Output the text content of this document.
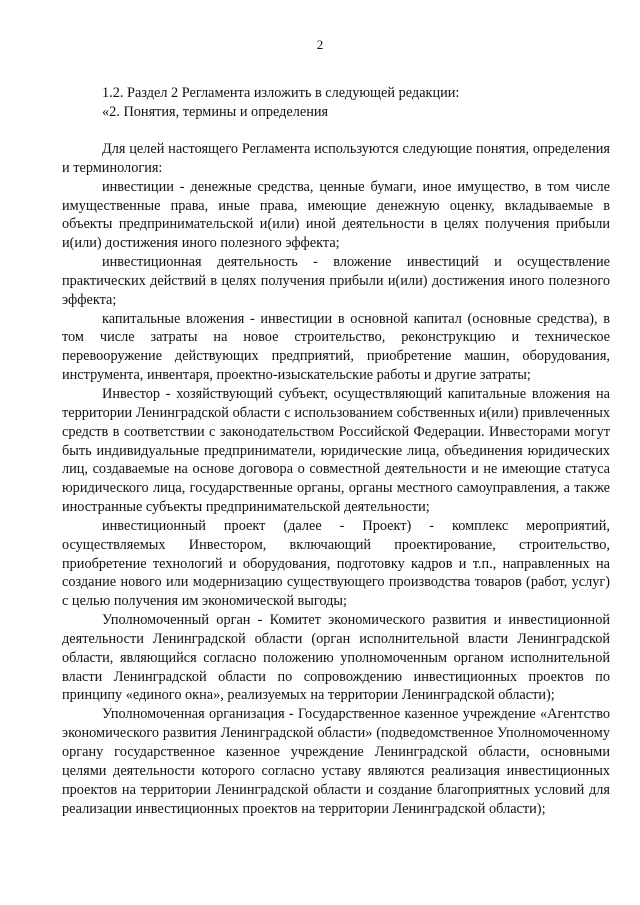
2

1.2. Раздел 2 Регламента изложить в следующей редакции:

«2. Понятия, термины и определения

Для целей настоящего Регламента используются следующие понятия, определения и терминология:

инвестиции - денежные средства, ценные бумаги, иное имущество, в том числе имущественные права, иные права, имеющие денежную оценку, вкладываемые в объекты предпринимательской и(или) иной деятельности в целях получения прибыли и(или) достижения иного полезного эффекта;

инвестиционная деятельность - вложение инвестиций и осуществление практических действий в целях получения прибыли и(или) достижения иного полезного эффекта;

капитальные вложения - инвестиции в основной капитал (основные средства), в том числе затраты на новое строительство, реконструкцию и техническое перевооружение действующих предприятий, приобретение машин, оборудования, инструмента, инвентаря, проектно-изыскательские работы и другие затраты;

Инвестор - хозяйствующий субъект, осуществляющий капитальные вложения на территории Ленинградской области с использованием собственных и(или) привлеченных средств в соответствии с законодательством Российской Федерации. Инвесторами могут быть индивидуальные предприниматели, юридические лица, объединения юридических лиц, создаваемые на основе договора о совместной деятельности и не имеющие статуса юридического лица, государственные органы, органы местного самоуправления, а также иностранные субъекты предпринимательской деятельности;

инвестиционный проект (далее - Проект) - комплекс мероприятий, осуществляемых Инвестором, включающий проектирование, строительство, приобретение технологий и оборудования, подготовку кадров и т.п., направленных на создание нового или модернизацию существующего производства товаров (работ, услуг) с целью получения им экономической выгоды;

Уполномоченный орган - Комитет экономического развития и инвестиционной деятельности Ленинградской области (орган исполнительной власти Ленинградской области, являющийся согласно положению уполномоченным органом исполнительной власти Ленинградской области по сопровождению инвестиционных проектов по принципу «единого окна», реализуемых на территории Ленинградской области);

Уполномоченная организация - Государственное казенное учреждение «Агентство экономического развития Ленинградской области» (подведомственное Уполномоченному органу государственное казенное учреждение Ленинградской области, основными целями деятельности которого согласно уставу являются реализация инвестиционных проектов на территории Ленинградской области и создание благоприятных условий для реализации инвестиционных проектов на территории Ленинградской области);
